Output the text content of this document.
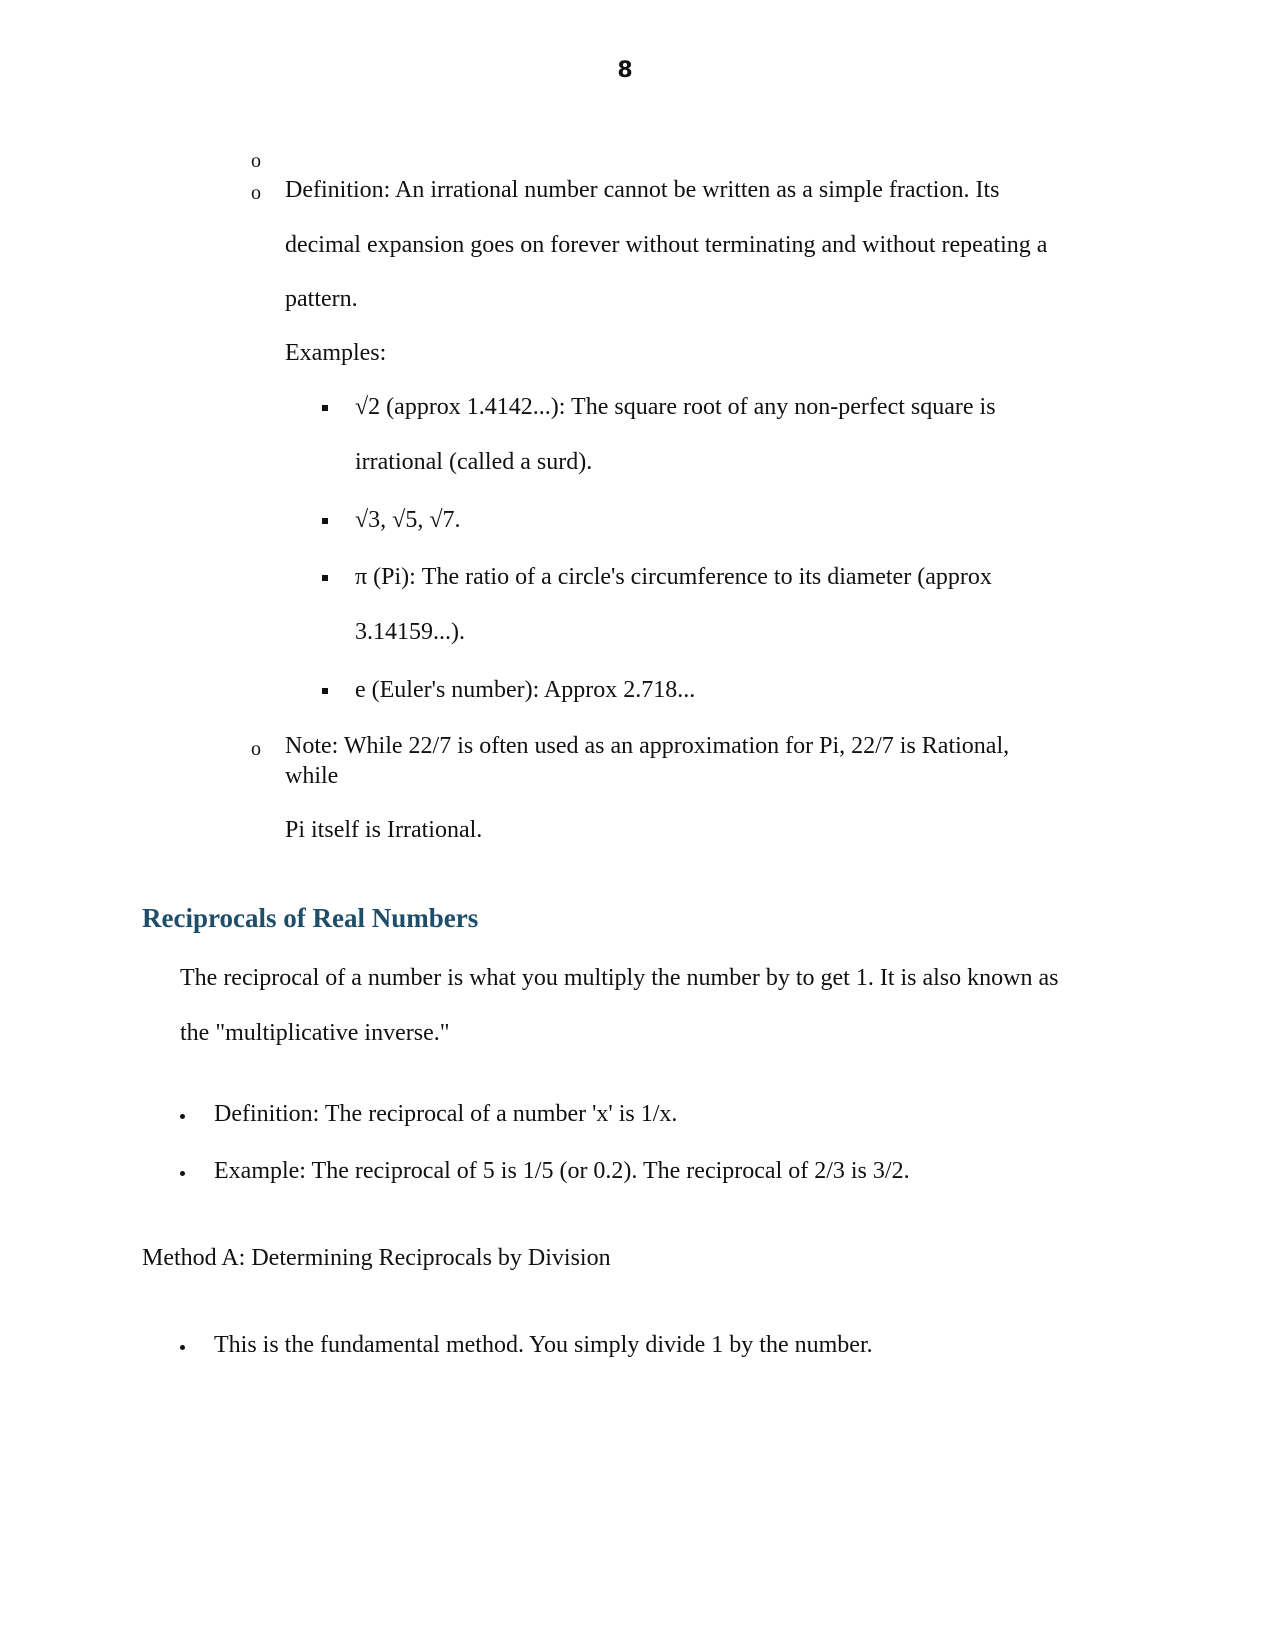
8
o
o Definition: An irrational number cannot be written as a simple fraction. Its
decimal expansion goes on forever without terminating and without repeating a
pattern.
Examples:
√2 (approx 1.4142...): The square root of any non-perfect square is
irrational (called a surd).
√3, √5, √7.
π (Pi): The ratio of a circle's circumference to its diameter (approx
3.14159...).
e (Euler's number): Approx 2.718...
o Note: While 22/7 is often used as an approximation for Pi, 22/7 is Rational,
while
Pi itself is Irrational.
Reciprocals of Real Numbers
The reciprocal of a number is what you multiply the number by to get 1. It is also known as
the "multiplicative inverse."
Definition: The reciprocal of a number 'x' is 1/x.
Example: The reciprocal of 5 is 1/5 (or 0.2). The reciprocal of 2/3 is 3/2.
Method A: Determining Reciprocals by Division
This is the fundamental method. You simply divide 1 by the number.
